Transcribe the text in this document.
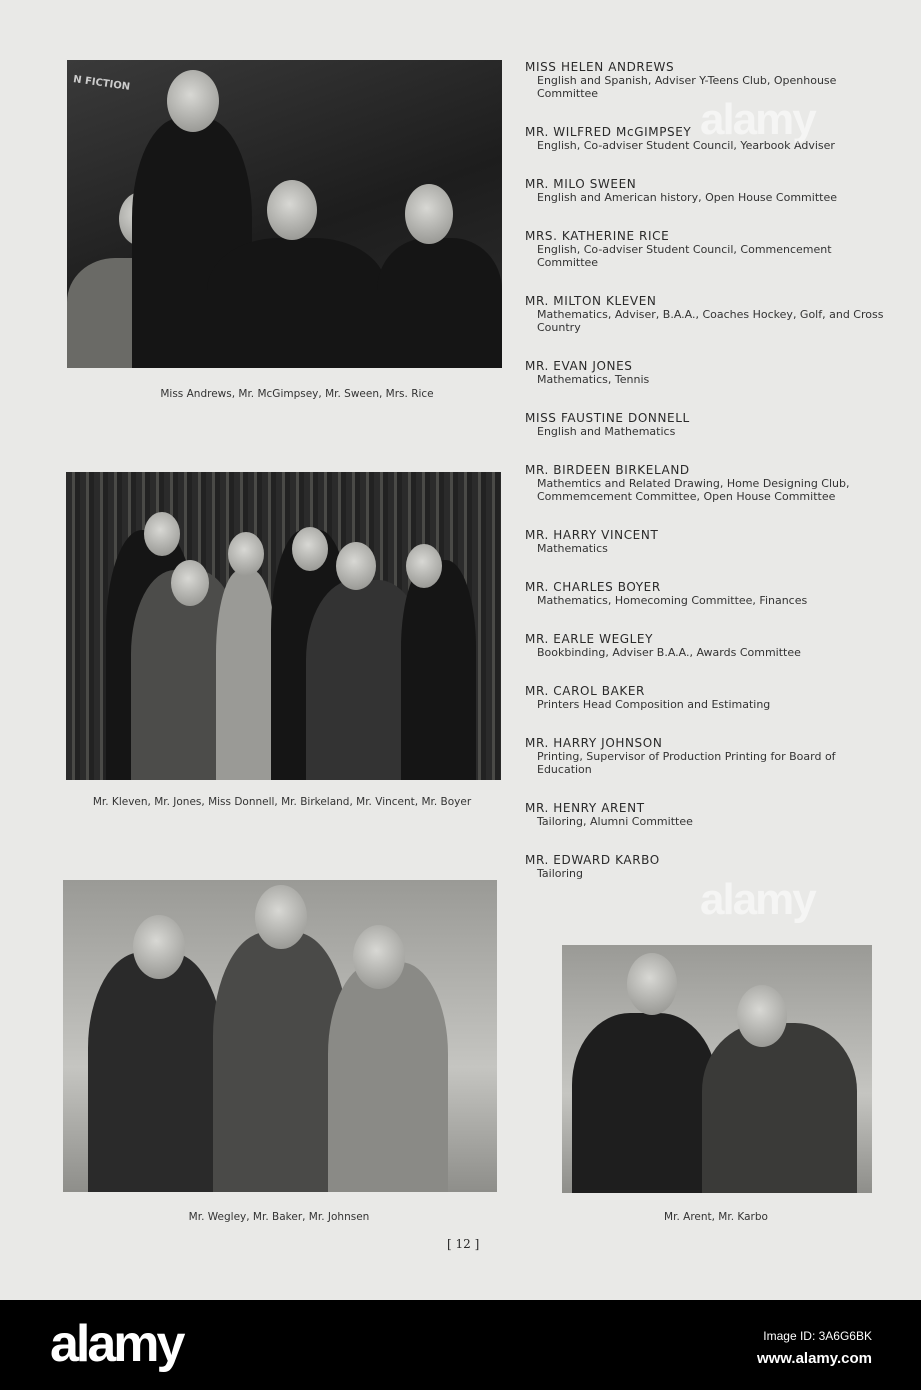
N FICTION
Miss Andrews, Mr. McGimpsey, Mr. Sween, Mrs. Rice
Mr. Kleven, Mr. Jones, Miss Donnell, Mr. Birkeland, Mr. Vincent, Mr. Boyer
Mr. Wegley, Mr. Baker, Mr. Johnsen	Mr. Arent, Mr. Karbo
MISS HELEN ANDREWS
English and Spanish, Adviser Y-Teens Club, Openhouse Committee
MR. WILFRED McGIMPSEY
English, Co-adviser Student Council, Yearbook Adviser
MR. MILO SWEEN
English and American history, Open House Committee
MRS. KATHERINE RICE
English, Co-adviser Student Council, Commencement Committee
MR. MILTON KLEVEN
Mathematics, Adviser, B.A.A., Coaches Hockey, Golf, and Cross Country
MR. EVAN JONES
Mathematics, Tennis
MISS FAUSTINE DONNELL
English and Mathematics
MR. BIRDEEN BIRKELAND
Mathemtics and Related Drawing, Home Designing Club, Commemcement Committee, Open House Committee
MR. HARRY VINCENT
Mathematics
MR. CHARLES BOYER
Mathematics, Homecoming Committee, Finances
MR. EARLE WEGLEY
Bookbinding, Adviser B.A.A., Awards Committee
MR. CAROL BAKER
Printers Head Composition and Estimating
MR. HARRY JOHNSON
Printing, Supervisor of Production Printing for Board of Education
MR. HENRY ARENT
Tailoring, Alumni Committee
MR. EDWARD KARBO
Tailoring
[ 12 ]
alamy
alamy
alamy	Image ID: 3A6G6BK
www.alamy.com
